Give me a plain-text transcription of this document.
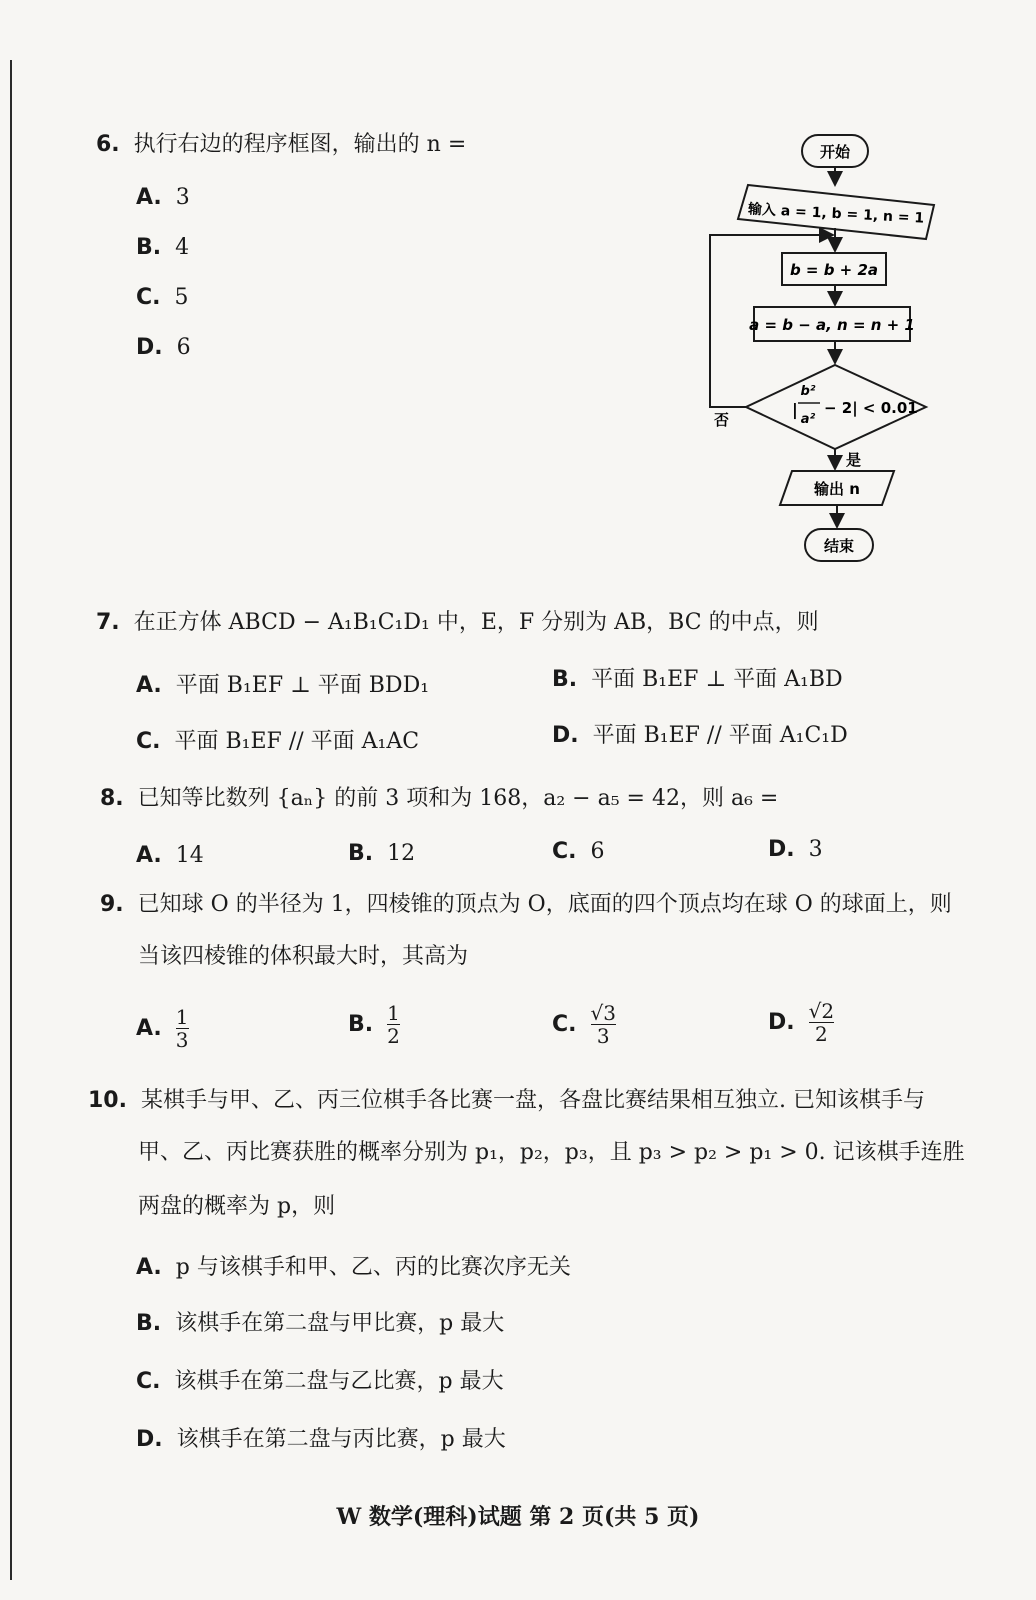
6. 执行右边的程序框图，输出的 n =
A. 3
B. 4
C. 5
D. 6
开始
输入 a = 1, b = 1, n = 1
b = b + 2a
a = b − a, n = n + 1
|
b²
a²
− 2| < 0.01
否
是
输出 n
结束
7. 在正方体 ABCD − A₁B₁C₁D₁ 中，E，F 分别为 AB，BC 的中点，则
A. 平面 B₁EF ⊥ 平面 BDD₁	B. 平面 B₁EF ⊥ 平面 A₁BD
C. 平面 B₁EF // 平面 A₁AC	D. 平面 B₁EF // 平面 A₁C₁D
8. 已知等比数列 {aₙ} 的前 3 项和为 168，a₂ − a₅ = 42，则 a₆ =
A. 14	B. 12	C. 6	D. 3
9. 已知球 O 的半径为 1，四棱锥的顶点为 O，底面的四个顶点均在球 O 的球面上，则
当该四棱锥的体积最大时，其高为
A. $\frac{1}{3}$	B. $\frac{1}{2}$	C. $\frac{√3}{3}$	D. $\frac{√2}{2}$
10. 某棋手与甲、乙、丙三位棋手各比赛一盘，各盘比赛结果相互独立. 已知该棋手与
甲、乙、丙比赛获胜的概率分别为 p₁，p₂，p₃，且 p₃ > p₂ > p₁ > 0. 记该棋手连胜
两盘的概率为 p，则
A. p 与该棋手和甲、乙、丙的比赛次序无关
B. 该棋手在第二盘与甲比赛，p 最大
C. 该棋手在第二盘与乙比赛，p 最大
D. 该棋手在第二盘与丙比赛，p 最大
W 数学(理科)试题 第 2 页(共 5 页)
